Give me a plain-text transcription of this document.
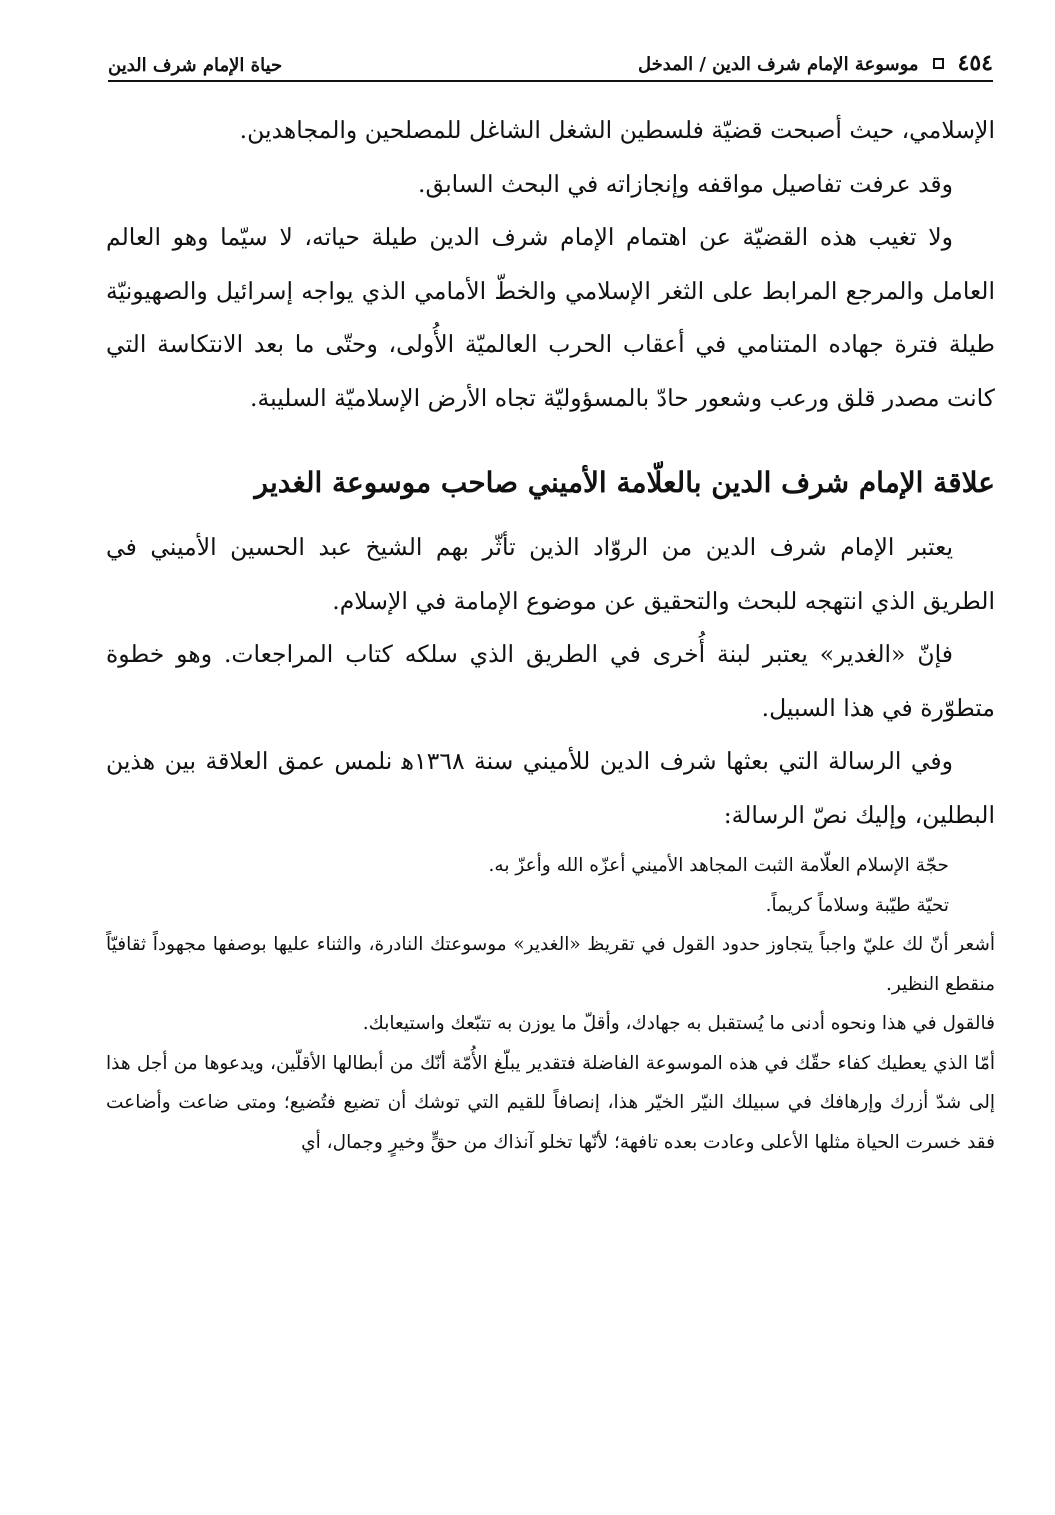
٤٥٤
موسوعة الإمام شرف الدين / المدخل
حياة الإمام شرف الدين

الإسلامي، حيث أصبحت قضيّة فلسطين الشغل الشاغل للمصلحين والمجاهدين.

وقد عرفت تفاصيل مواقفه وإنجازاته في البحث السابق.

ولا تغيب هذه القضيّة عن اهتمام الإمام شرف الدين طيلة حياته، لا سيّما وهو العالم العامل والمرجع المرابط على الثغر الإسلامي والخطّ الأمامي الذي يواجه إسرائيل والصهيونيّة طيلة فترة جهاده المتنامي في أعقاب الحرب العالميّة الأُولى، وحتّى ما بعد الانتكاسة التي كانت مصدر قلق ورعب وشعور حادّ بالمسؤوليّة تجاه الأرض الإسلاميّة السليبة.

علاقة الإمام شرف الدين بالعلّامة الأميني صاحب موسوعة الغدير

يعتبر الإمام شرف الدين من الروّاد الذين تأثّر بهم الشيخ عبد الحسين الأميني في الطريق الذي انتهجه للبحث والتحقيق عن موضوع الإمامة في الإسلام.

فإنّ «الغدير» يعتبر لبنة أُخرى في الطريق الذي سلكه كتاب المراجعات. وهو خطوة متطوّرة في هذا السبيل.

وفي الرسالة التي بعثها شرف الدين للأميني سنة ١٣٦٨ﻫ نلمس عمق العلاقة بين هذين البطلين، وإليك نصّ الرسالة:

حجّة الإسلام العلّامة الثبت المجاهد الأميني أعزّه الله وأعزّ به.

تحيّة طيّبة وسلاماً كريماً.

أشعر أنّ لك عليّ واجباً يتجاوز حدود القول في تقريظ «الغدير» موسوعتك النادرة، والثناء عليها بوصفها مجهوداً ثقافيّاً منقطع النظير.

فالقول في هذا ونحوه أدنى ما يُستقبل به جهادك، وأقلّ ما يوزن به تتبّعك واستيعابك.

أمّا الذي يعطيك كفاء حقّك في هذه الموسوعة الفاضلة فتقدير يبلّغ الأُمّة أنّك من أبطالها الأقلّين، ويدعوها من أجل هذا إلى شدّ أزرك وإرهافك في سبيلك النيّر الخيّر هذا، إنصافاً للقيم التي توشك أن تضيع فتُضيع؛ ومتى ضاعت وأضاعت فقد خسرت الحياة مثلها الأعلى وعادت بعده تافهة؛ لأنّها تخلو آنذاك من حقٍّ وخيرٍ وجمال، أي
